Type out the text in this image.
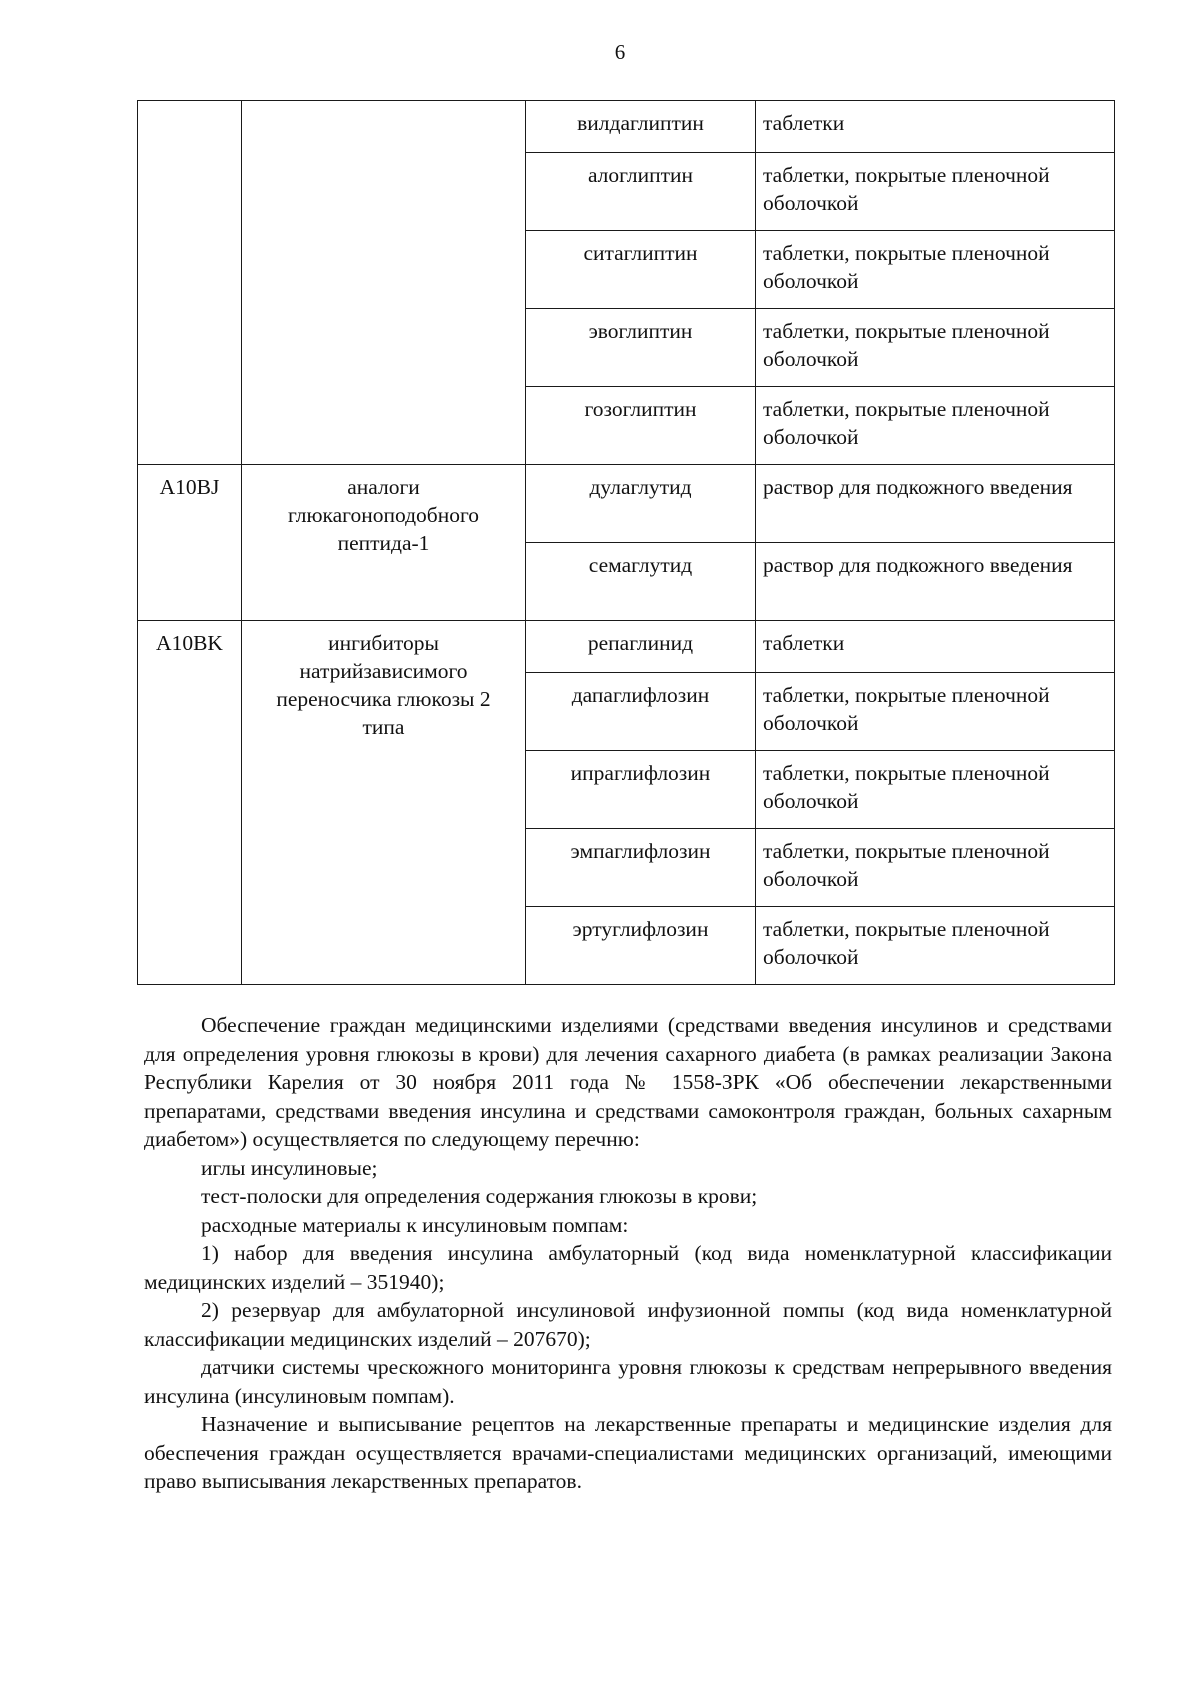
6
		вилдаглиптин	таблетки
		алоглиптин	таблетки, покрытые пленочной оболочкой
		ситаглиптин	таблетки, покрытые пленочной оболочкой
		эвоглиптин	таблетки, покрытые пленочной оболочкой
		гозоглиптин	таблетки, покрытые пленочной оболочкой
A10BJ	аналоги глюкагоноподобного пептида-1	дулаглутид	раствор для подкожного введения
		семаглутид	раствор для подкожного введения
A10BK	ингибиторы натрийзависимого переносчика глюкозы 2 типа	репаглинид	таблетки
		дапаглифлозин	таблетки, покрытые пленочной оболочкой
		ипраглифлозин	таблетки, покрытые пленочной оболочкой
		эмпаглифлозин	таблетки, покрытые пленочной оболочкой
		эртуглифлозин	таблетки, покрытые пленочной оболочкой

Обеспечение граждан медицинскими изделиями (средствами введения инсулинов и средствами для определения уровня глюкозы в крови) для лечения сахарного диабета (в рамках реализации Закона Республики Карелия от 30 ноября 2011 года № 1558-ЗРК «Об обеспечении лекарственными препаратами, средствами введения инсулина и средствами самоконтроля граждан, больных сахарным диабетом») осуществляется по следующему перечню:

иглы инсулиновые;

тест-полоски для определения содержания глюкозы в крови;

расходные материалы к инсулиновым помпам:

1) набор для введения инсулина амбулаторный (код вида номенклатурной классификации медицинских изделий – 351940);

2) резервуар для амбулаторной инсулиновой инфузионной помпы (код вида номенклатурной классификации медицинских изделий – 207670);

датчики системы чрескожного мониторинга уровня глюкозы к средствам непрерывного введения инсулина (инсулиновым помпам).

Назначение и выписывание рецептов на лекарственные препараты и медицинские изделия для обеспечения граждан осуществляется врачами-специалистами медицинских организаций, имеющими право выписывания лекарственных препаратов.
